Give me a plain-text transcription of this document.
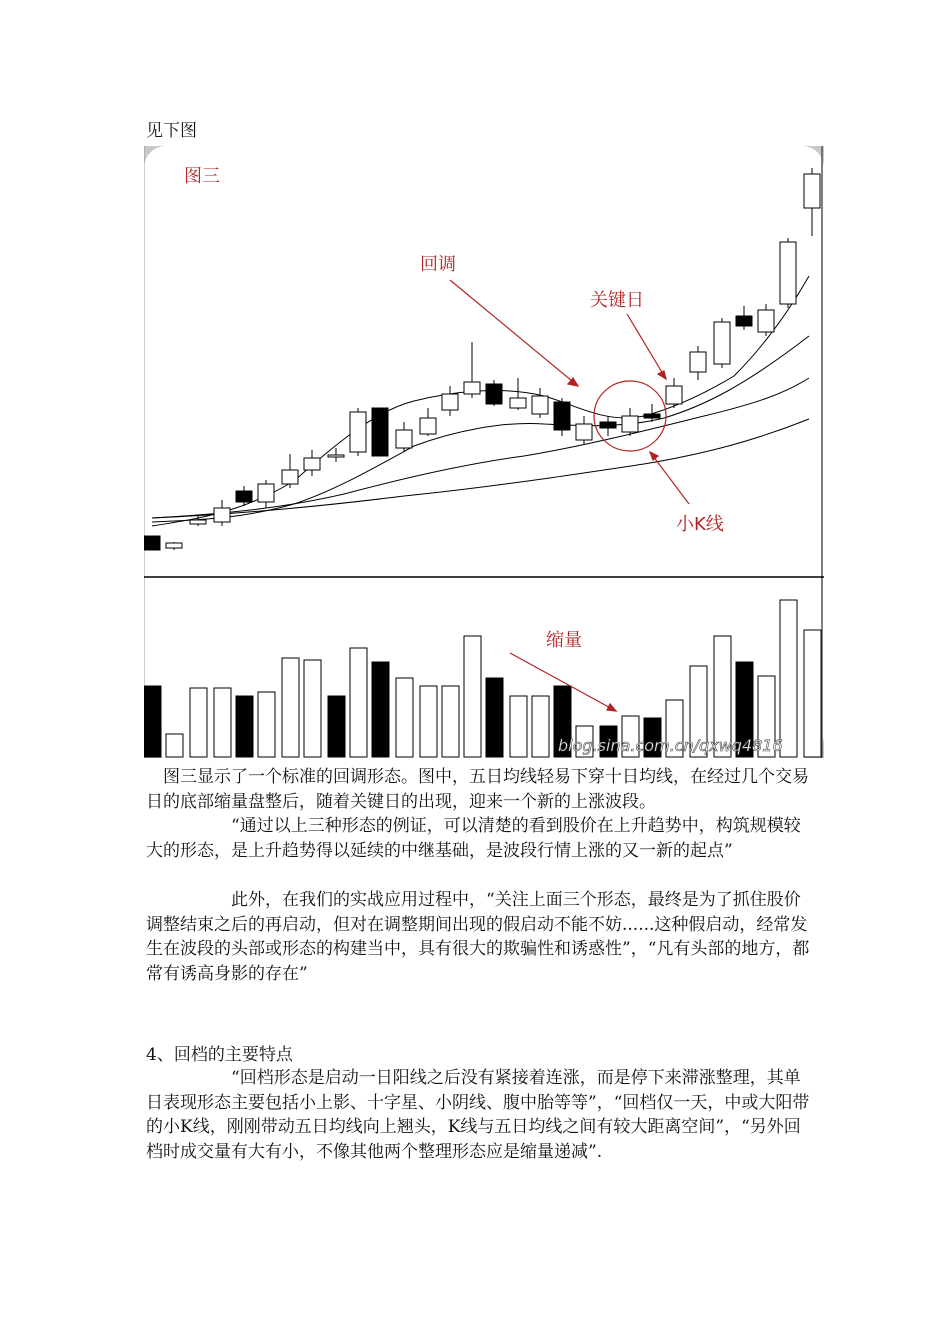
见下图
图三
回调
关键日
小K线
缩量
blog.sina.com.cn/qxwq4816
图三显示了一个标准的回调形态。图中，五日均线轻易下穿十日均线，在经过几个交易日的底部缩量盘整后，随着关键日的出现，迎来一个新的上涨波段。
“通过以上三种形态的例证，可以清楚的看到股价在上升趋势中，构筑规模较大的形态，是上升趋势得以延续的中继基础，是波段行情上涨的又一新的起点”
此外，在我们的实战应用过程中，“关注上面三个形态，最终是为了抓住股价调整结束之后的再启动，但对在调整期间出现的假启动不能不妨......这种假启动，经常发生在波段的头部或形态的构建当中，具有很大的欺骗性和诱惑性”，“凡有头部的地方，都常有诱高身影的存在”
4、回档的主要特点
“回档形态是启动一日阳线之后没有紧接着连涨，而是停下来滞涨整理，其单日表现形态主要包括小上影、十字星、小阴线、腹中胎等等”，“回档仅一天，中或大阳带的小K线，刚刚带动五日均线向上翘头，K线与五日均线之间有较大距离空间”，“另外回档时成交量有大有小，不像其他两个整理形态应是缩量递减”.
